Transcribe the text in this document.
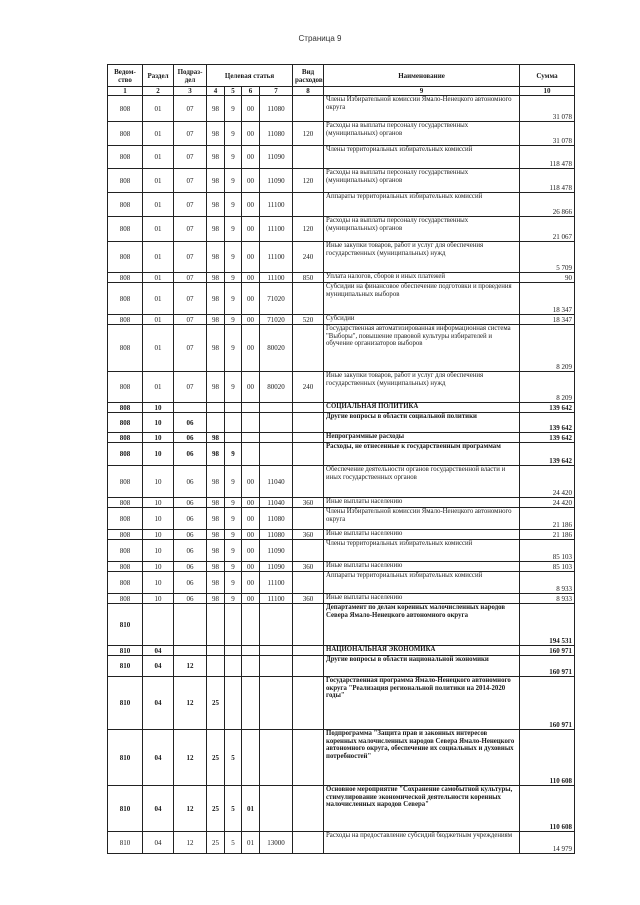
Страница 9
Ведом-ство	Раздел	Подраз-дел	Целевая статья				Вид расходов	Наименование	Сумма
1	2	3	4	5	6	7	8	9	10
808	01	07	98	9	00	11080		Члены Избирательной комиссии Ямало-Ненецкого автономного округа	31 078
808	01	07	98	9	00	11080	120	Расходы на выплаты персоналу государственных (муниципальных) органов	31 078
808	01	07	98	9	00	11090		Члены территориальных избирательных комиссий	118 478
808	01	07	98	9	00	11090	120	Расходы на выплаты персоналу государственных (муниципальных) органов	118 478
808	01	07	98	9	00	11100		Аппараты территориальных избирательных комиссий	26 866
808	01	07	98	9	00	11100	120	Расходы на выплаты персоналу государственных (муниципальных) органов	21 067
808	01	07	98	9	00	11100	240	Иные закупки товаров, работ и услуг для обеспечения государственных (муниципальных) нужд	5 709
808	01	07	98	9	00	11100	850	Уплата налогов, сборов и иных платежей	90
808	01	07	98	9	00	71020		Субсидии на финансовое обеспечение подготовки и проведения муниципальных выборов	18 347
808	01	07	98	9	00	71020	520	Субсидии	18 347
808	01	07	98	9	00	80020		Государственная автоматизированная информационная система "Выборы", повышение правовой культуры избирателей и обучение организаторов выборов	8 209
808	01	07	98	9	00	80020	240	Иные закупки товаров, работ и услуг для обеспечения государственных (муниципальных) нужд	8 209
808	10							СОЦИАЛЬНАЯ ПОЛИТИКА	139 642
808	10	06						Другие вопросы в области социальной политики	139 642
808	10	06	98					Непрограммные расходы	139 642
808	10	06	98	9				Расходы, не отнесенные к государственным программам	139 642
808	10	06	98	9	00	11040		Обеспечение деятельности органов государственной власти и иных государственных органов	24 420
808	10	06	98	9	00	11040	360	Иные выплаты населению	24 420
808	10	06	98	9	00	11080		Члены Избирательной комиссии Ямало-Ненецкого автономного округа	21 186
808	10	06	98	9	00	11080	360	Иные выплаты населению	21 186
808	10	06	98	9	00	11090		Члены территориальных избирательных комиссий	85 103
808	10	06	98	9	00	11090	360	Иные выплаты населению	85 103
808	10	06	98	9	00	11100		Аппараты территориальных избирательных комиссий	8 933
808	10	06	98	9	00	11100	360	Иные выплаты населению	8 933
810								Департамент по делам коренных малочисленных народов Севера Ямало-Ненецкого автономного округа	194 531
810	04							НАЦИОНАЛЬНАЯ ЭКОНОМИКА	160 971
810	04	12						Другие вопросы в области национальной экономики	160 971
810	04	12	25					Государственная программа Ямало-Ненецкого автономного округа "Реализация региональной политики на 2014-2020 годы"	160 971
810	04	12	25	5				Подпрограмма "Защита прав и законных интересов коренных малочисленных народов Севера Ямало-Ненецкого автономного округа, обеспечение их социальных и духовных потребностей"	110 608
810	04	12	25	5	01			Основное мероприятие "Сохранение самобытной культуры, стимулирование экономической деятельности коренных малочисленных народов Севера"	110 608
810	04	12	25	5	01	13000		Расходы на предоставление субсидий бюджетным учреждениям	14 979
